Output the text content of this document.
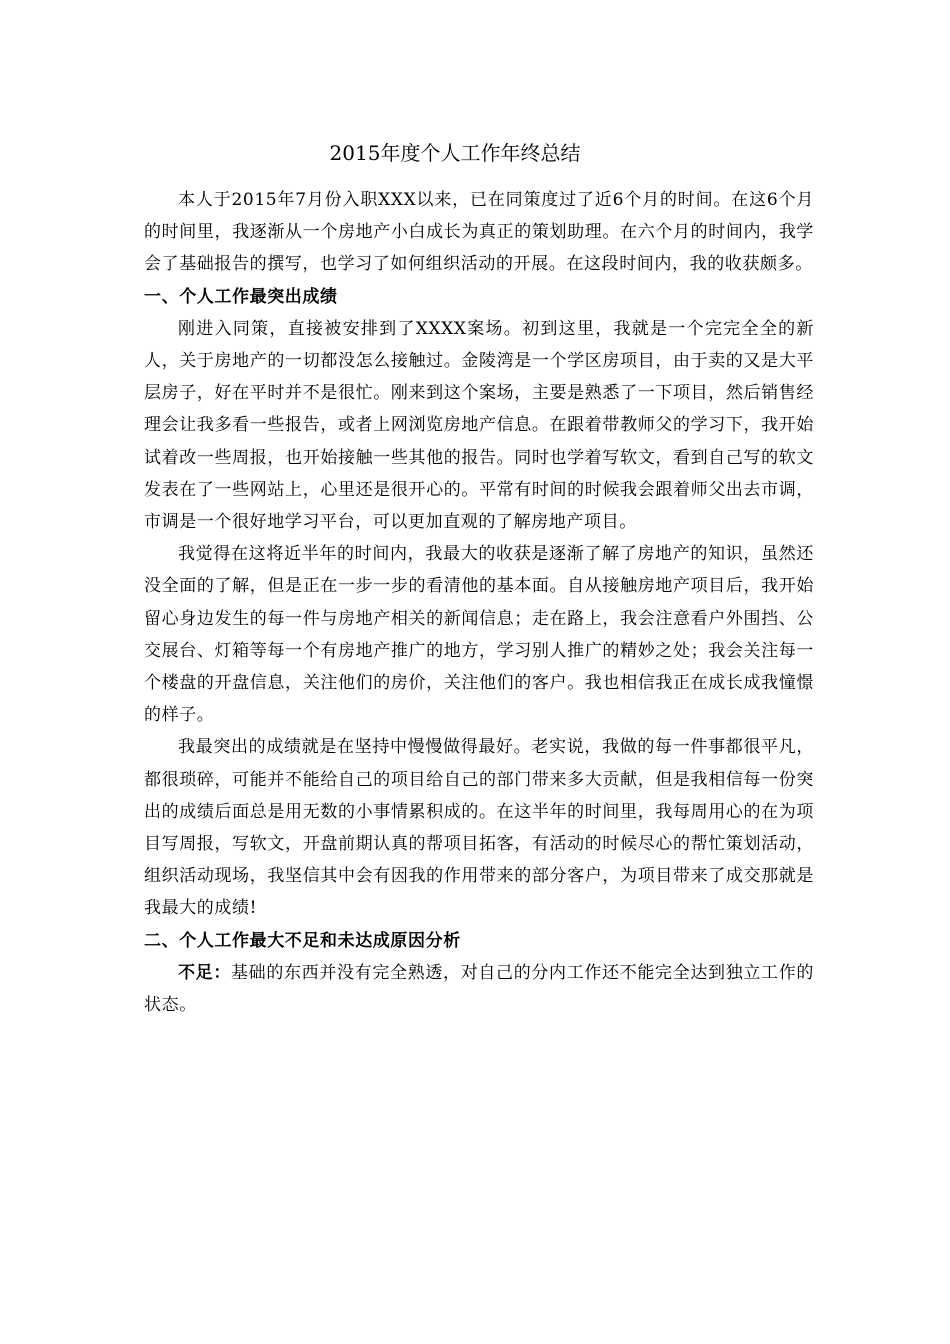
2015年度个人工作年终总结

本人于2015年7月份入职XXX以来，已在同策度过了近6个月的时间。在这6个月的时间里，我逐渐从一个房地产小白成长为真正的策划助理。在六个月的时间内，我学会了基础报告的撰写，也学习了如何组织活动的开展。在这段时间内，我的收获颇多。

一、个人工作最突出成绩

刚进入同策，直接被安排到了XXXX案场。初到这里，我就是一个完完全全的新人，关于房地产的一切都没怎么接触过。金陵湾是一个学区房项目，由于卖的又是大平层房子，好在平时并不是很忙。刚来到这个案场，主要是熟悉了一下项目，然后销售经理会让我多看一些报告，或者上网浏览房地产信息。在跟着带教师父的学习下，我开始试着改一些周报，也开始接触一些其他的报告。同时也学着写软文，看到自己写的软文发表在了一些网站上，心里还是很开心的。平常有时间的时候我会跟着师父出去市调，市调是一个很好地学习平台，可以更加直观的了解房地产项目。

我觉得在这将近半年的时间内，我最大的收获是逐渐了解了房地产的知识，虽然还没全面的了解，但是正在一步一步的看清他的基本面。自从接触房地产项目后，我开始留心身边发生的每一件与房地产相关的新闻信息；走在路上，我会注意看户外围挡、公交展台、灯箱等每一个有房地产推广的地方，学习别人推广的精妙之处；我会关注每一个楼盘的开盘信息，关注他们的房价，关注他们的客户。我也相信我正在成长成我憧憬的样子。

我最突出的成绩就是在坚持中慢慢做得最好。老实说，我做的每一件事都很平凡，都很琐碎，可能并不能给自己的项目给自己的部门带来多大贡献，但是我相信每一份突出的成绩后面总是用无数的小事情累积成的。在这半年的时间里，我每周用心的在为项目写周报，写软文，开盘前期认真的帮项目拓客，有活动的时候尽心的帮忙策划活动，组织活动现场，我坚信其中会有因我的作用带来的部分客户，为项目带来了成交那就是我最大的成绩!

二、个人工作最大不足和未达成原因分析

不足：基础的东西并没有完全熟透，对自己的分内工作还不能完全达到独立工作的状态。
